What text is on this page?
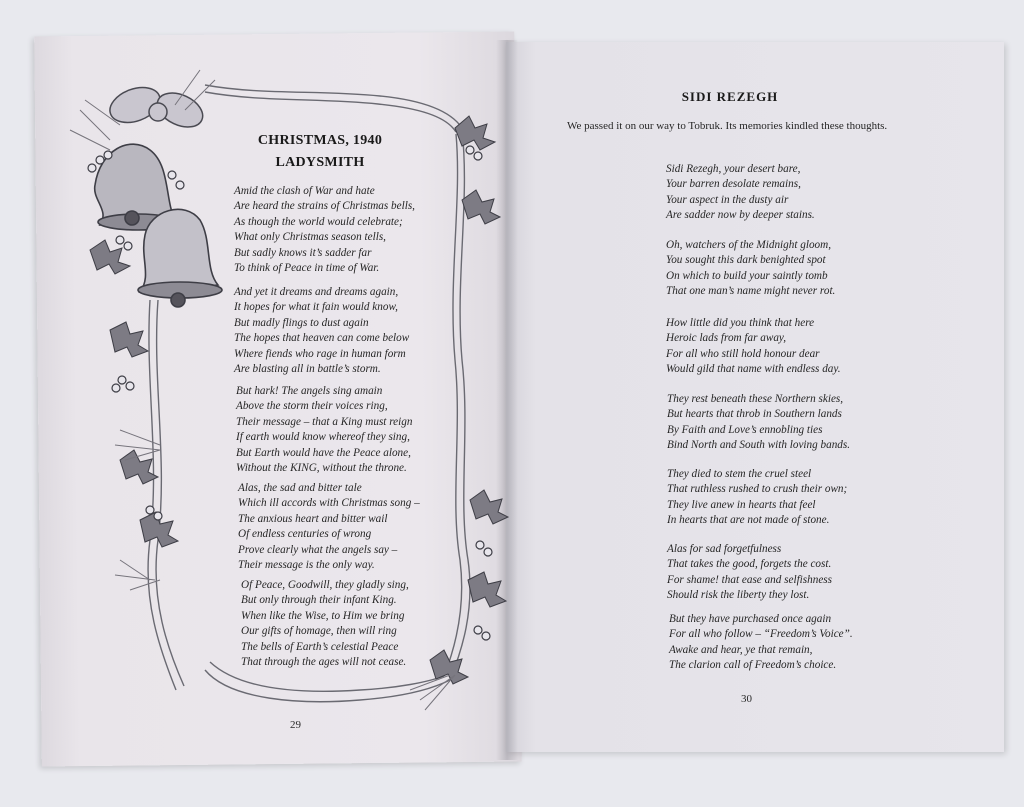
CHRISTMAS, 1940
LADYSMITH
Amid the clash of War and hate
Are heard the strains of Christmas bells,
As though the world would celebrate;
What only Christmas season tells,
But sadly knows it’s sadder far
To think of Peace in time of War.
And yet it dreams and dreams again,
It hopes for what it fain would know,
But madly flings to dust again
The hopes that heaven can come below
Where fiends who rage in human form
Are blasting all in battle’s storm.
But hark! The angels sing amain
Above the storm their voices ring,
Their message – that a King must reign
If earth would know whereof they sing,
But Earth would have the Peace alone,
Without the KING, without the throne.
Alas, the sad and bitter tale
Which ill accords with Christmas song –
The anxious heart and bitter wail
Of endless centuries of wrong
Prove clearly what the angels say –
Their message is the only way.
Of Peace, Goodwill, they gladly sing,
But only through their infant King.
When like the Wise, to Him we bring
Our gifts of homage, then will ring
The bells of Earth’s celestial Peace
That through the ages will not cease.
29
SIDI REZEGH
We passed it on our way to Tobruk. Its memories kindled these thoughts.
Sidi Rezegh, your desert bare,
Your barren desolate remains,
Your aspect in the dusty air
Are sadder now by deeper stains.
Oh, watchers of the Midnight gloom,
You sought this dark benighted spot
On which to build your saintly tomb
That one man’s name might never rot.
How little did you think that here
Heroic lads from far away,
For all who still hold honour dear
Would gild that name with endless day.
They rest beneath these Northern skies,
But hearts that throb in Southern lands
By Faith and Love’s ennobling ties
Bind North and South with loving bands.
They died to stem the cruel steel
That ruthless rushed to crush their own;
They live anew in hearts that feel
In hearts that are not made of stone.
Alas for sad forgetfulness
That takes the good, forgets the cost.
For shame! that ease and selfishness
Should risk the liberty they lost.
But they have purchased once again
For all who follow – “Freedom’s Voice”.
Awake and hear, ye that remain,
The clarion call of Freedom’s choice.
30
